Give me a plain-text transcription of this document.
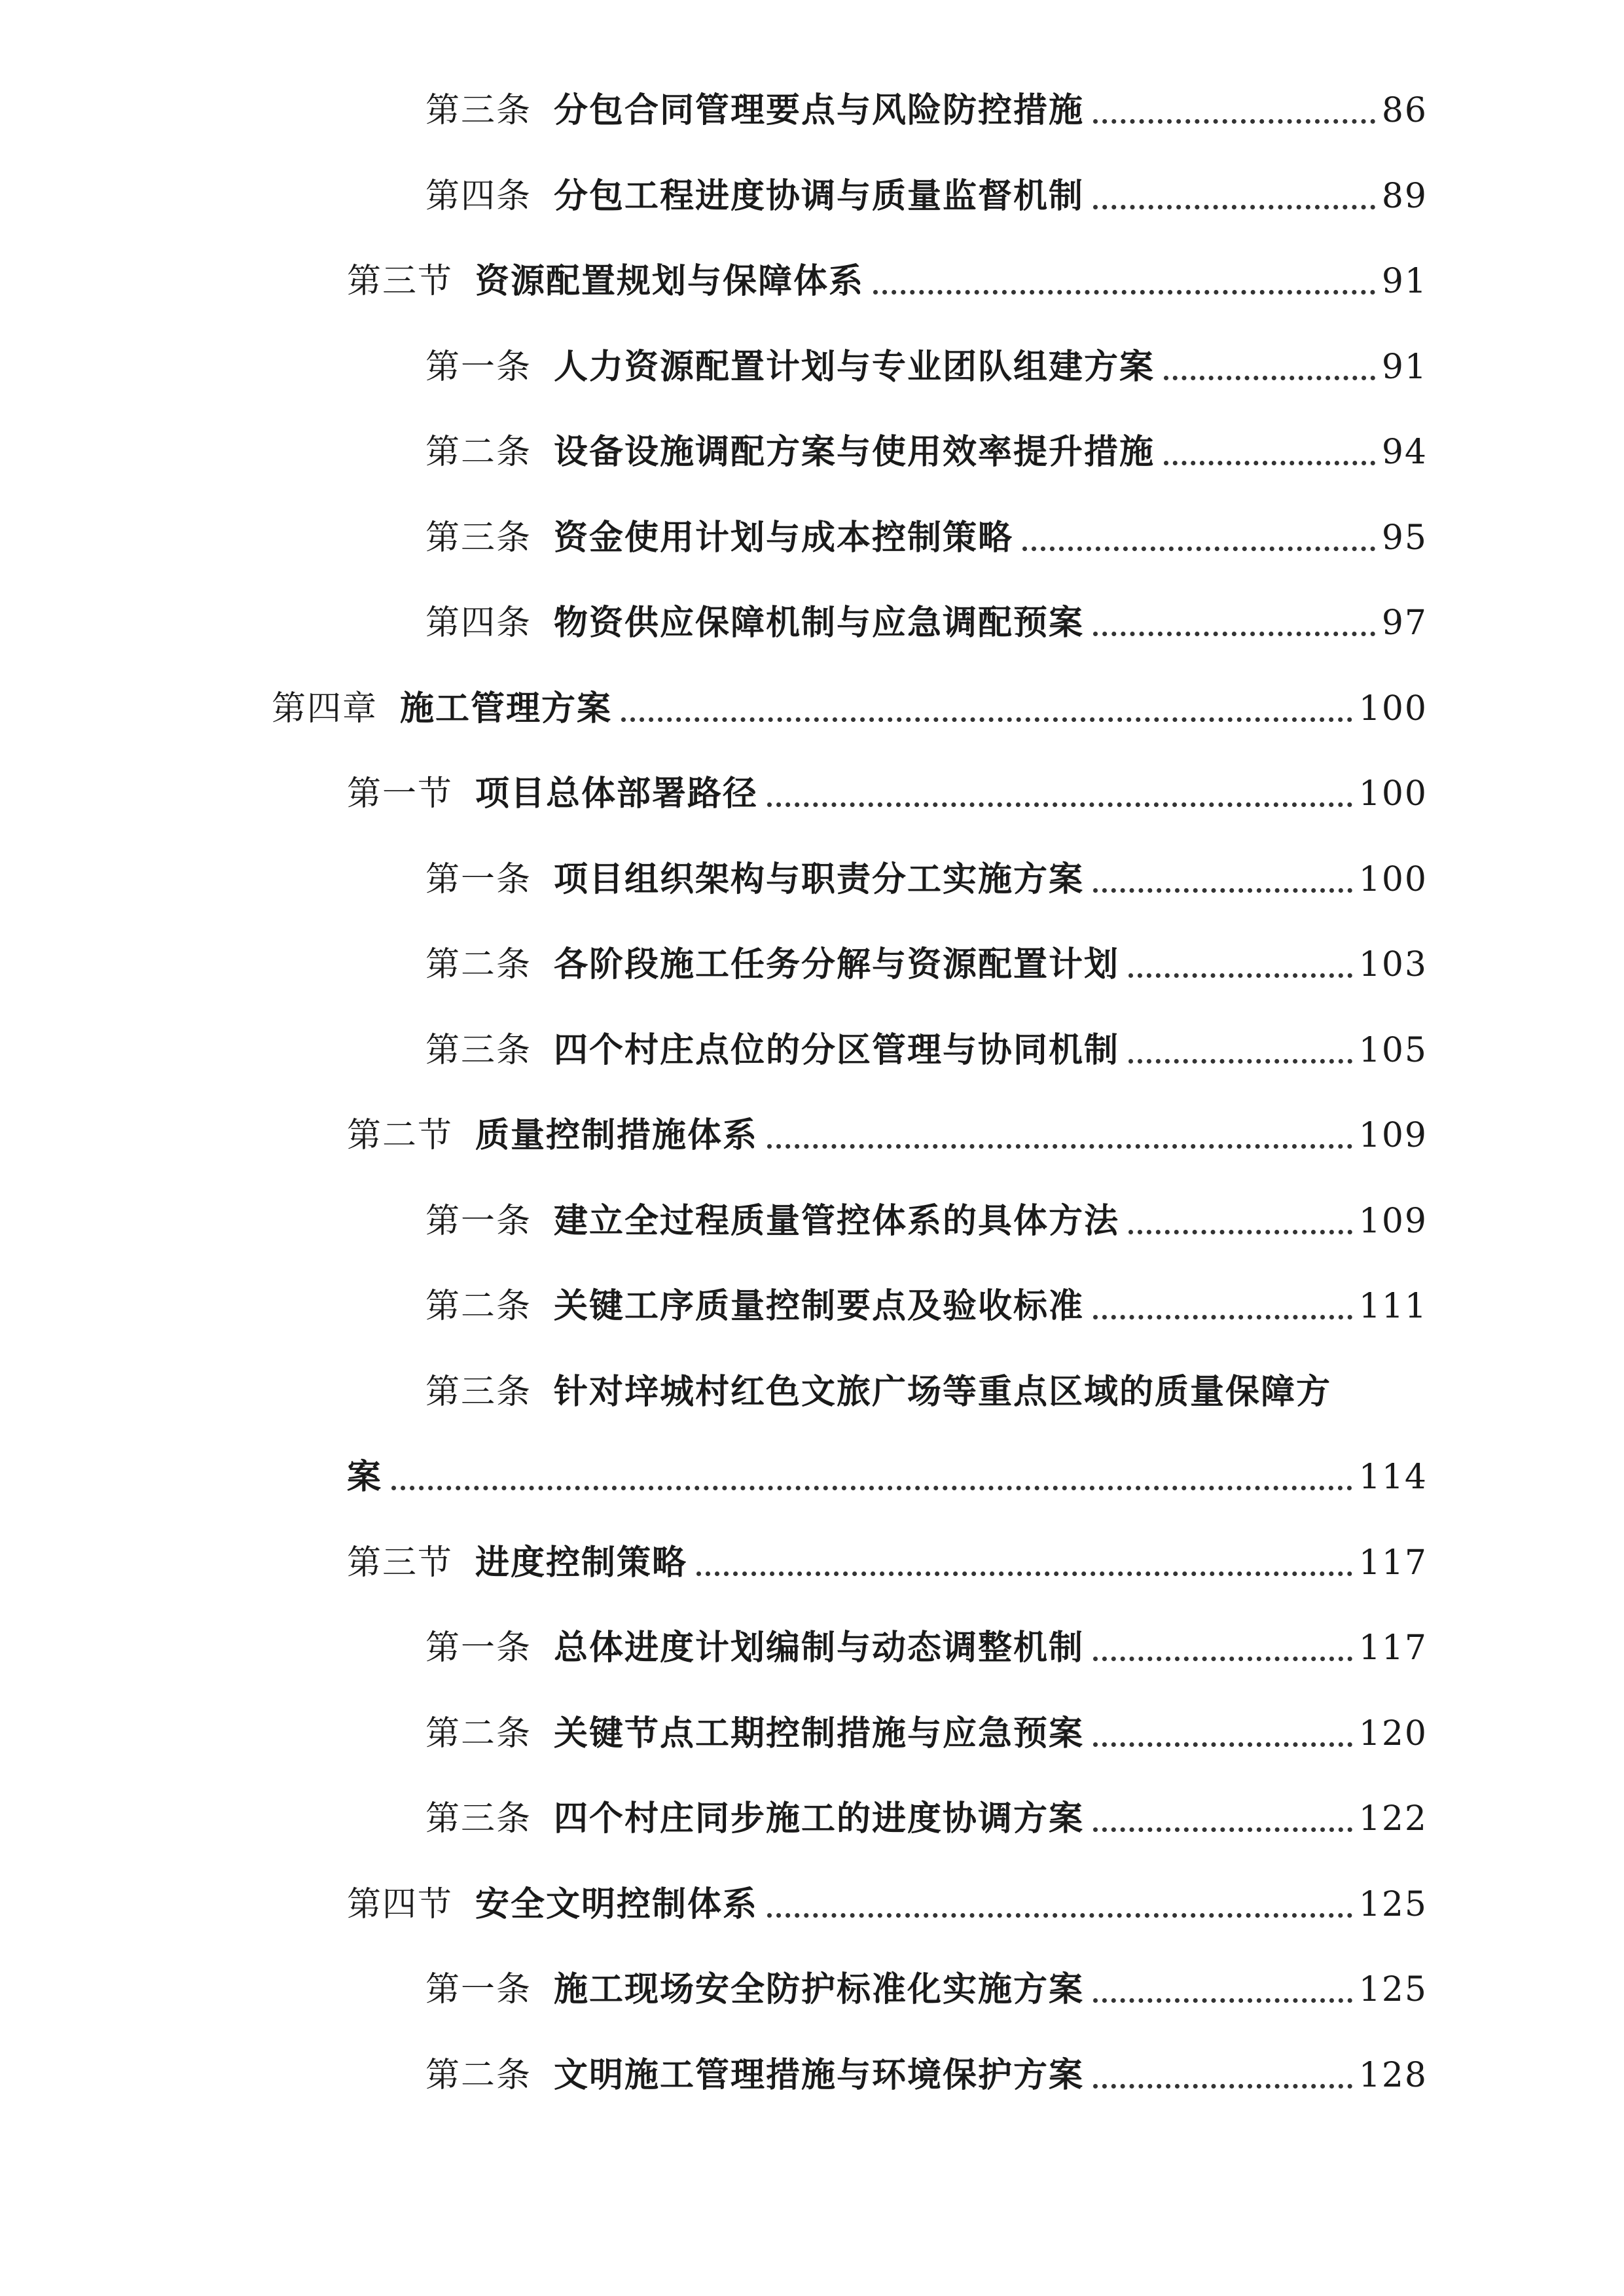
第三条 分包合同管理要点与风险防控措施	86
第四条 分包工程进度协调与质量监督机制	89
第三节 资源配置规划与保障体系	91
第一条 人力资源配置计划与专业团队组建方案	91
第二条 设备设施调配方案与使用效率提升措施	94
第三条 资金使用计划与成本控制策略	95
第四条 物资供应保障机制与应急调配预案	97
第四章 施工管理方案	100
第一节 项目总体部署路径	100
第一条 项目组织架构与职责分工实施方案	100
第二条 各阶段施工任务分解与资源配置计划	103
第三条 四个村庄点位的分区管理与协同机制	105
第二节 质量控制措施体系	109
第一条 建立全过程质量管控体系的具体方法	109
第二条 关键工序质量控制要点及验收标准	111
第三条 针对垶城村红色文旅广场等重点区域的质量保障方
案	114
第三节 进度控制策略	117
第一条 总体进度计划编制与动态调整机制	117
第二条 关键节点工期控制措施与应急预案	120
第三条 四个村庄同步施工的进度协调方案	122
第四节 安全文明控制体系	125
第一条 施工现场安全防护标准化实施方案	125
第二条 文明施工管理措施与环境保护方案	128
